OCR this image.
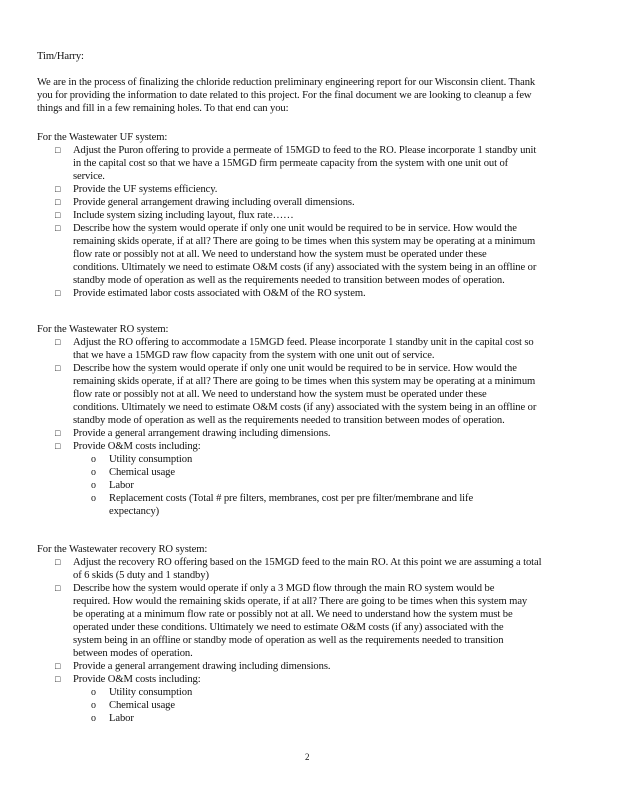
Tim/Harry:
We are in the process of finalizing the chloride reduction preliminary engineering report for our Wisconsin client. Thank
you for providing the information to date related to this project. For the final document we are looking to cleanup a few
things and fill in a few remaining holes. To that end can you:
For the Wastewater UF system:
□ Adjust the Puron offering to provide a permeate of 15MGD to feed to the RO. Please incorporate 1 standby unit
in the capital cost so that we have a 15MGD firm permeate capacity from the system with one unit out of
service.
□ Provide the UF systems efficiency.
□ Provide general arrangement drawing including overall dimensions.
□ Include system sizing including layout, flux rate……
□ Describe how the system would operate if only one unit would be required to be in service. How would the
remaining skids operate, if at all? There are going to be times when this system may be operating at a minimum
flow rate or possibly not at all. We need to understand how the system must be operated under these
conditions. Ultimately we need to estimate O&M costs (if any) associated with the system being in an offline or
standby mode of operation as well as the requirements needed to transition between modes of operation.
□ Provide estimated labor costs associated with O&M of the RO system.
For the Wastewater RO system:
□ Adjust the RO offering to accommodate a 15MGD feed. Please incorporate 1 standby unit in the capital cost so
that we have a 15MGD raw flow capacity from the system with one unit out of service.
□ Describe how the system would operate if only one unit would be required to be in service. How would the
remaining skids operate, if at all? There are going to be times when this system may be operating at a minimum
flow rate or possibly not at all. We need to understand how the system must be operated under these
conditions. Ultimately we need to estimate O&M costs (if any) associated with the system being in an offline or
standby mode of operation as well as the requirements needed to transition between modes of operation.
□ Provide a general arrangement drawing including dimensions.
□ Provide O&M costs including:
o Utility consumption
o Chemical usage
o Labor
o Replacement costs (Total # pre filters, membranes, cost per pre filter/membrane and life
expectancy)
For the Wastewater recovery RO system:
□ Adjust the recovery RO offering based on the 15MGD feed to the main RO. At this point we are assuming a total
of 6 skids (5 duty and 1 standby)
□ Describe how the system would operate if only a 3 MGD flow through the main RO system would be
required. How would the remaining skids operate, if at all? There are going to be times when this system may
be operating at a minimum flow rate or possibly not at all. We need to understand how the system must be
operated under these conditions. Ultimately we need to estimate O&M costs (if any) associated with the
system being in an offline or standby mode of operation as well as the requirements needed to transition
between modes of operation.
□ Provide a general arrangement drawing including dimensions.
□ Provide O&M costs including:
o Utility consumption
o Chemical usage
o Labor
2
